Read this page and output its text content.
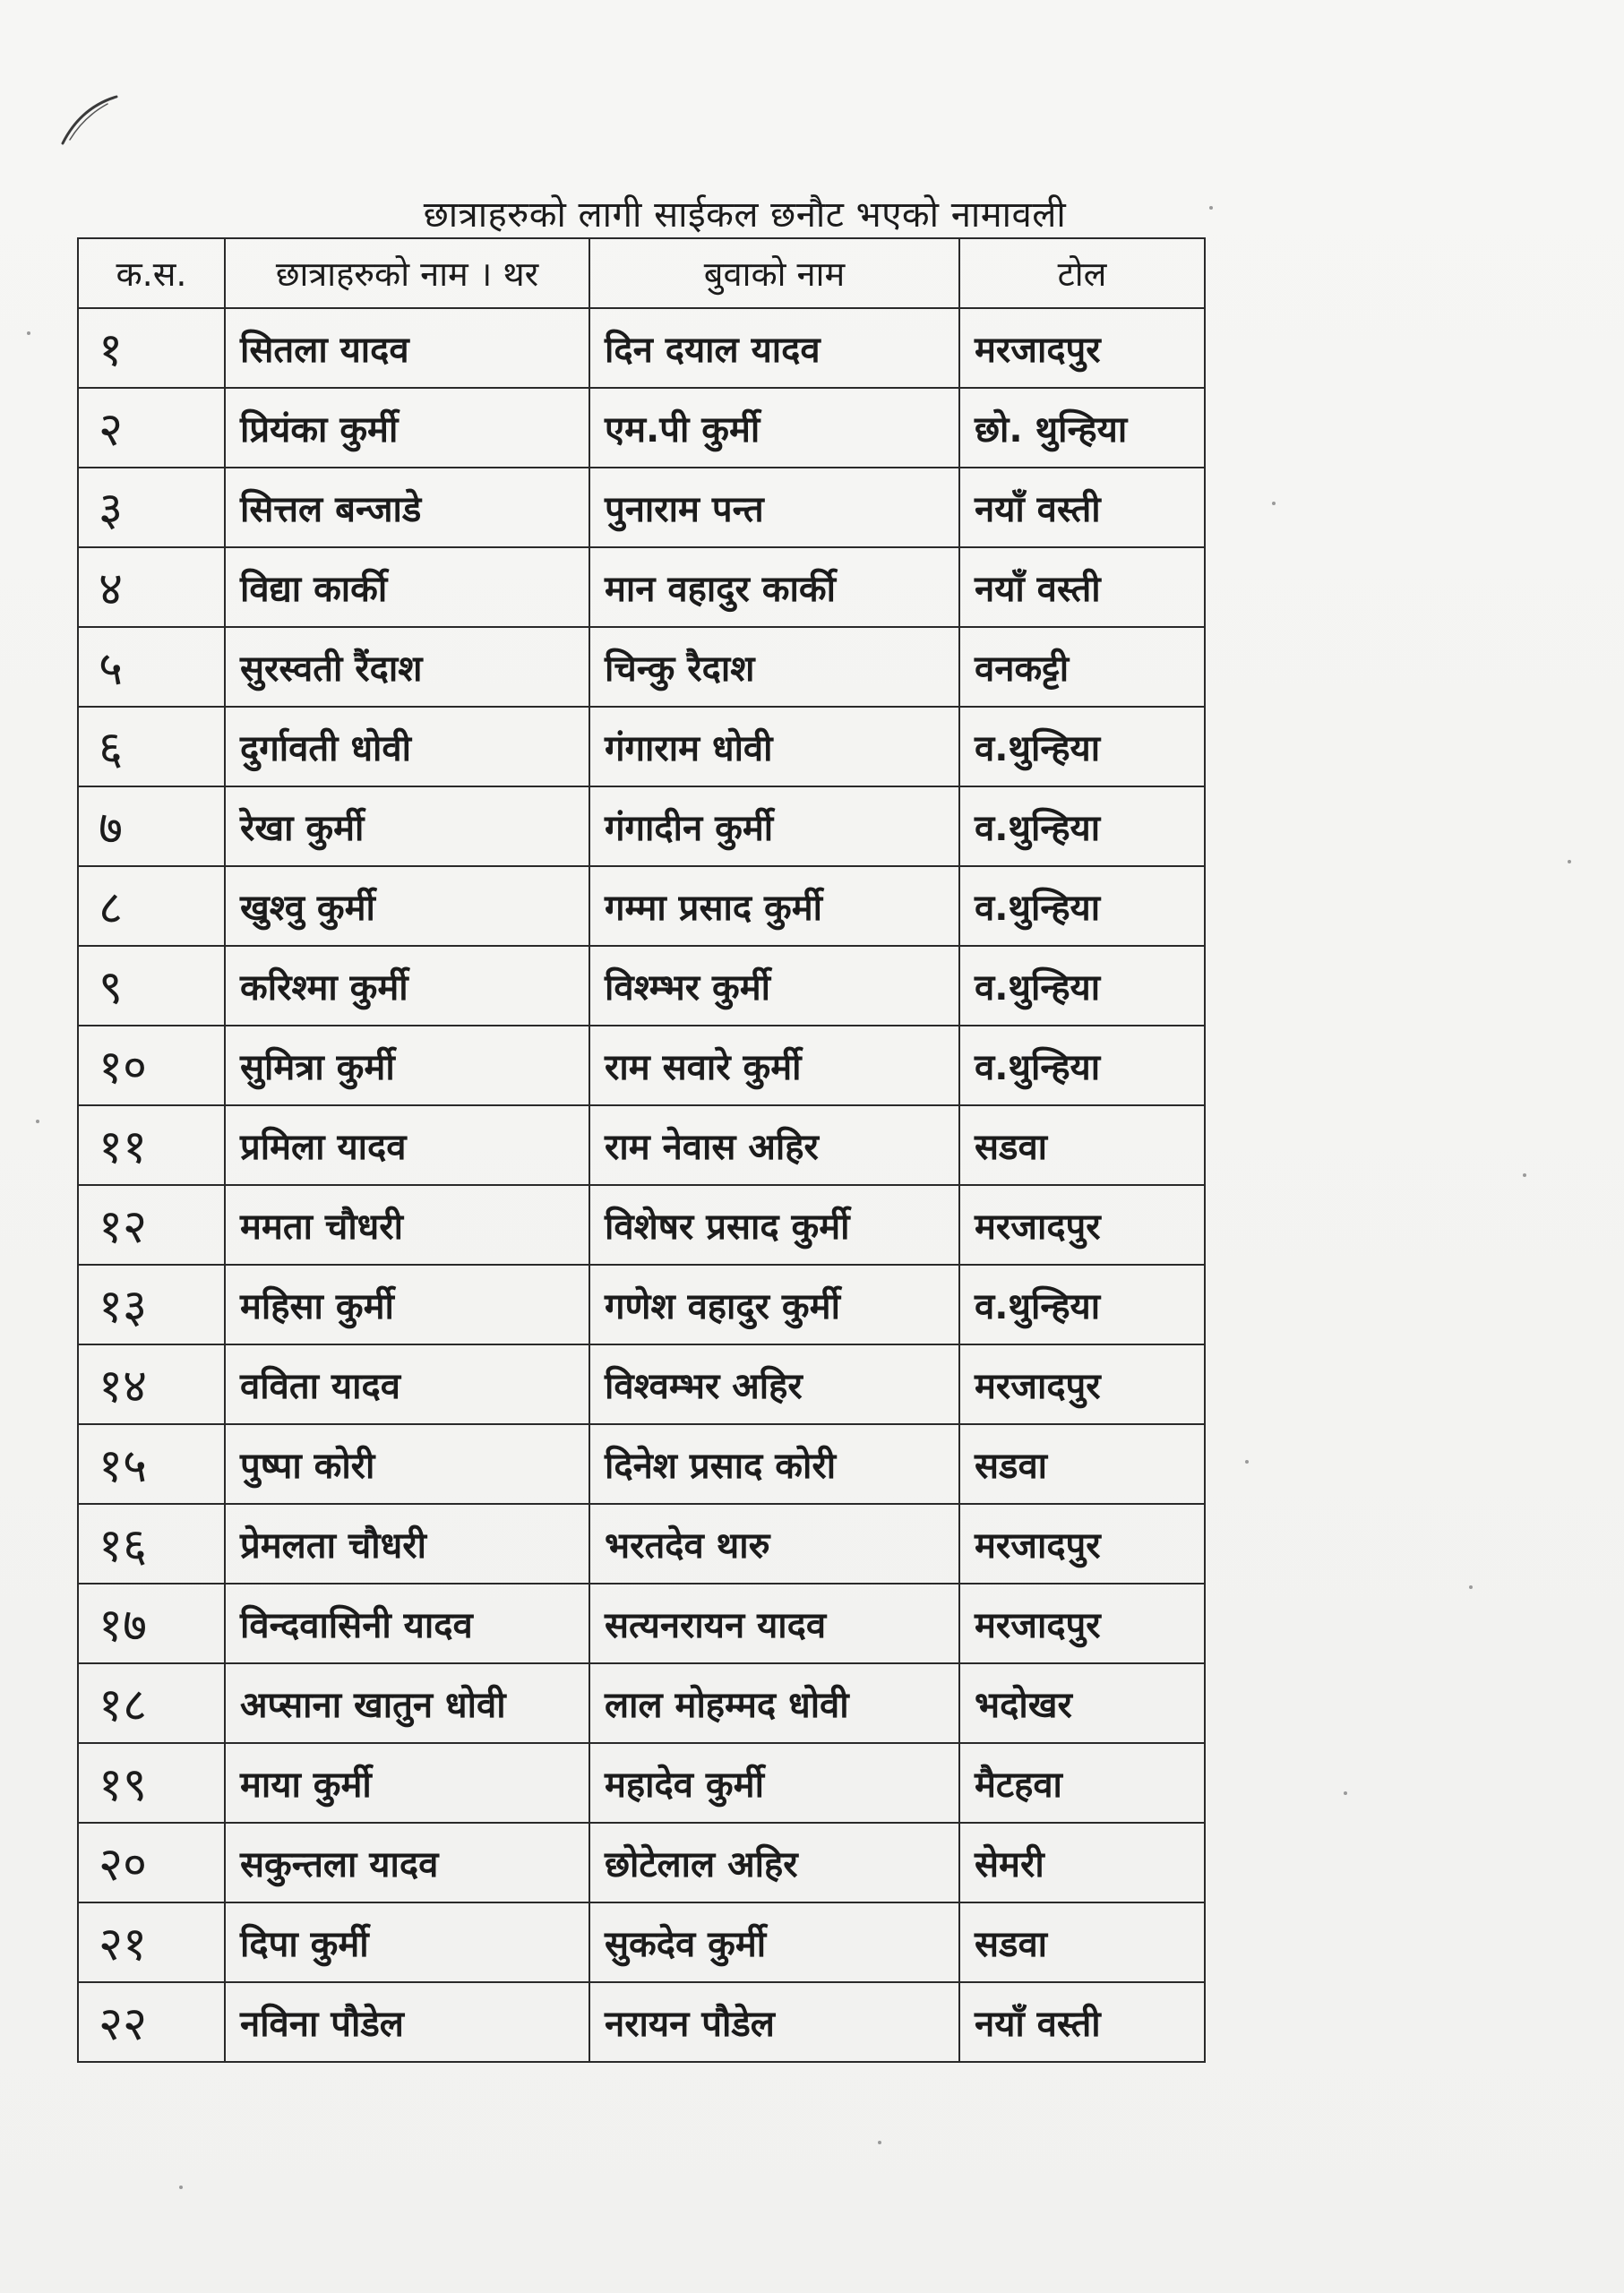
छात्राहरुको लागी साईकल छनौट भएको नामावली
क.स.	छात्राहरुको नाम । थर	बुवाको नाम	टोल
१	सितला यादव	दिन दयाल यादव	मरजादपुर
२	प्रियंका कुर्मी	एम.पी कुर्मी	छो. थुन्हिया
३	सित्तल बन्जाडे	पुनाराम पन्त	नयाँ वस्ती
४	विद्या कार्की	मान वहादुर कार्की	नयाँ वस्ती
५	सुरस्वती रैंदाश	चिन्कु रैदाश	वनकट्टी
६	दुर्गावती धोवी	गंगाराम धोवी	व.थुन्हिया
७	रेखा कुर्मी	गंगादीन कुर्मी	व.थुन्हिया
८	खुश्वु कुर्मी	गम्मा प्रसाद कुर्मी	व.थुन्हिया
९	करिश्मा कुर्मी	विश्म्भर कुर्मी	व.थुन्हिया
१०	सुमित्रा कुर्मी	राम सवारे कुर्मी	व.थुन्हिया
११	प्रमिला यादव	राम नेवास अहिर	सडवा
१२	ममता चौधरी	विशेषर प्रसाद कुर्मी	मरजादपुर
१३	महिसा कुर्मी	गणेश वहादुर कुर्मी	व.थुन्हिया
१४	वविता यादव	विश्वम्भर अहिर	मरजादपुर
१५	पुष्पा कोरी	दिनेश प्रसाद कोरी	सडवा
१६	प्रेमलता चौधरी	भरतदेव थारु	मरजादपुर
१७	विन्दवासिनी यादव	सत्यनरायन यादव	मरजादपुर
१८	अप्साना खातुन धोवी	लाल मोहम्मद धोवी	भदोखर
१९	माया कुर्मी	महादेव कुर्मी	मैटहवा
२०	सकुन्तला यादव	छोटेलाल अहिर	सेमरी
२१	दिपा कुर्मी	सुकदेव कुर्मी	सडवा
२२	नविना पौडेल	नरायन पौडेल	नयाँ वस्ती
